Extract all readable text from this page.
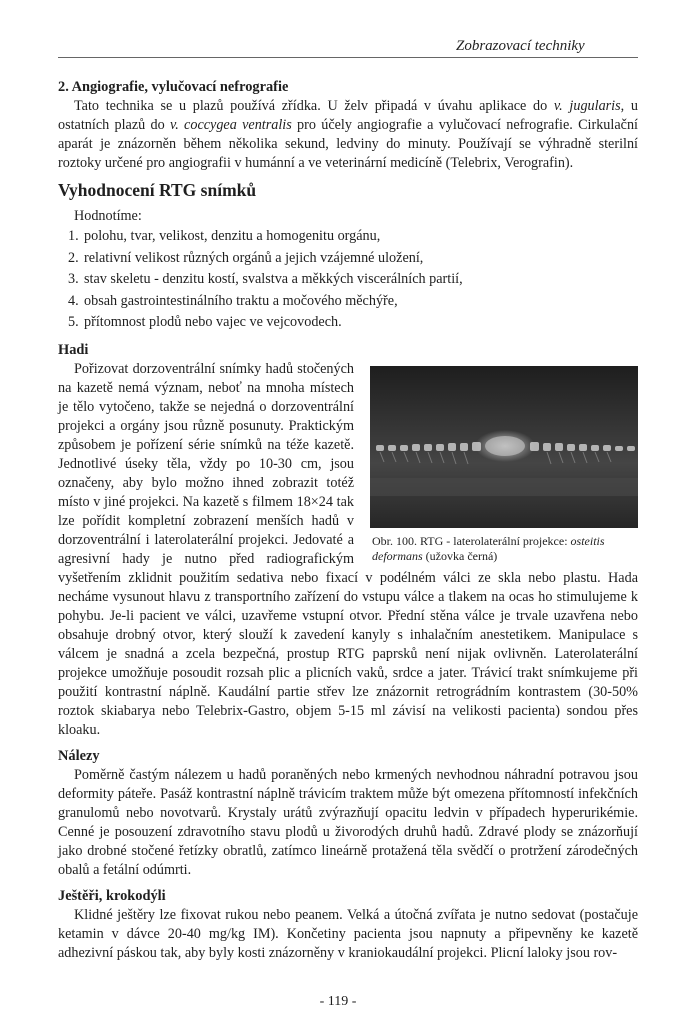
Zobrazovací techniky
2. Angiografie, vylučovací nefrografie

Tato technika se u plazů používá zřídka. U želv připadá v úvahu aplikace do v. jugularis, u ostatních plazů do v. coccygea ventralis pro účely angiografie a vylučovací nefrografie. Cirkulační aparát je znázorněn během několika sekund, ledviny do minuty. Používají se výhradně sterilní roztoky určené pro angiografii v humánní a ve veterinární medicíně (Telebrix, Verografin).

Vyhodnocení RTG snímků

Hodnotíme:

1. polohu, tvar, velikost, denzitu a homogenitu orgánu,
2. relativní velikost různých orgánů a jejich vzájemné uložení,
3. stav skeletu - denzitu kostí, svalstva a měkkých viscerálních partií,
4. obsah gastrointestinálního traktu a močového měchýře,
5. přítomnost plodů nebo vajec ve vejcovodech.
Hadi
Obr. 100. RTG - laterolaterální projekce: osteitis deformans (užovka černá)

Pořizovat dorzoventrální snímky hadů stočených na kazetě nemá význam, neboť na mnoha místech je tělo vytočeno, takže se nejedná o dorzoventrální projekci a orgány jsou různě posunuty. Praktickým způsobem je pořízení série snímků na téže kazetě. Jednotlivé úseky těla, vždy po 10-30 cm, jsou označeny, aby bylo možno ihned zobrazit totéž místo v jiné projekci. Na kazetě s filmem 18×24 tak lze pořídit kompletní zobrazení menších hadů v dorzoventrální i laterolaterální projekci. Jedovaté a agresivní hady je nutno před radiografickým vyšetřením zklidnit použitím sedativa nebo fixací v podélném válci ze skla nebo plastu. Hada necháme vysunout hlavu z transportního zařízení do vstupu válce a tlakem na ocas ho stimulujeme k pohybu. Je-li pacient ve válci, uzavřeme vstupní otvor. Přední stěna válce je trvale uzavřena nebo obsahuje drobný otvor, který slouží k zavedení kanyly s inhalačním anestetikem. Manipulace s válcem je snadná a zcela bezpečná, prostup RTG paprsků není nijak ovlivněn. Laterolaterální projekce umožňuje posoudit rozsah plic a plicních vaků, srdce a jater. Trávicí trakt snímkujeme při použití kontrastní náplně. Kaudální partie střev lze znázornit retrográdním kontrastem (30-50% roztok skiabarya nebo Telebrix-Gastro, objem 5-15 ml závisí na velikosti pacienta) sondou přes kloaku.

Nálezy

Poměrně častým nálezem u hadů poraněných nebo krmených nevhodnou náhradní potravou jsou deformity páteře. Pasáž kontrastní náplně trávicím traktem může být omezena přítomností infekčních granulomů nebo novotvarů. Krystaly urátů zvýrazňují opacitu ledvin v případech hyperurikémie. Cenné je posouzení zdravotního stavu plodů u živorodých druhů hadů. Zdravé plody se znázorňují jako drobné stočené řetízky obratlů, zatímco lineárně protažená těla svědčí o protržení zárodečných obalů a fetální odúmrti.

Ještěři, krokodýli

Klidné ještěry lze fixovat rukou nebo peanem. Velká a útočná zvířata je nutno sedovat (postačuje ketamin v dávce 20-40 mg/kg IM). Končetiny pacienta jsou napnuty a připevněny ke kazetě adhezivní páskou tak, aby byly kosti znázorněny v kraniokaudální projekci. Plicní laloky jsou rov-

- 119 -
